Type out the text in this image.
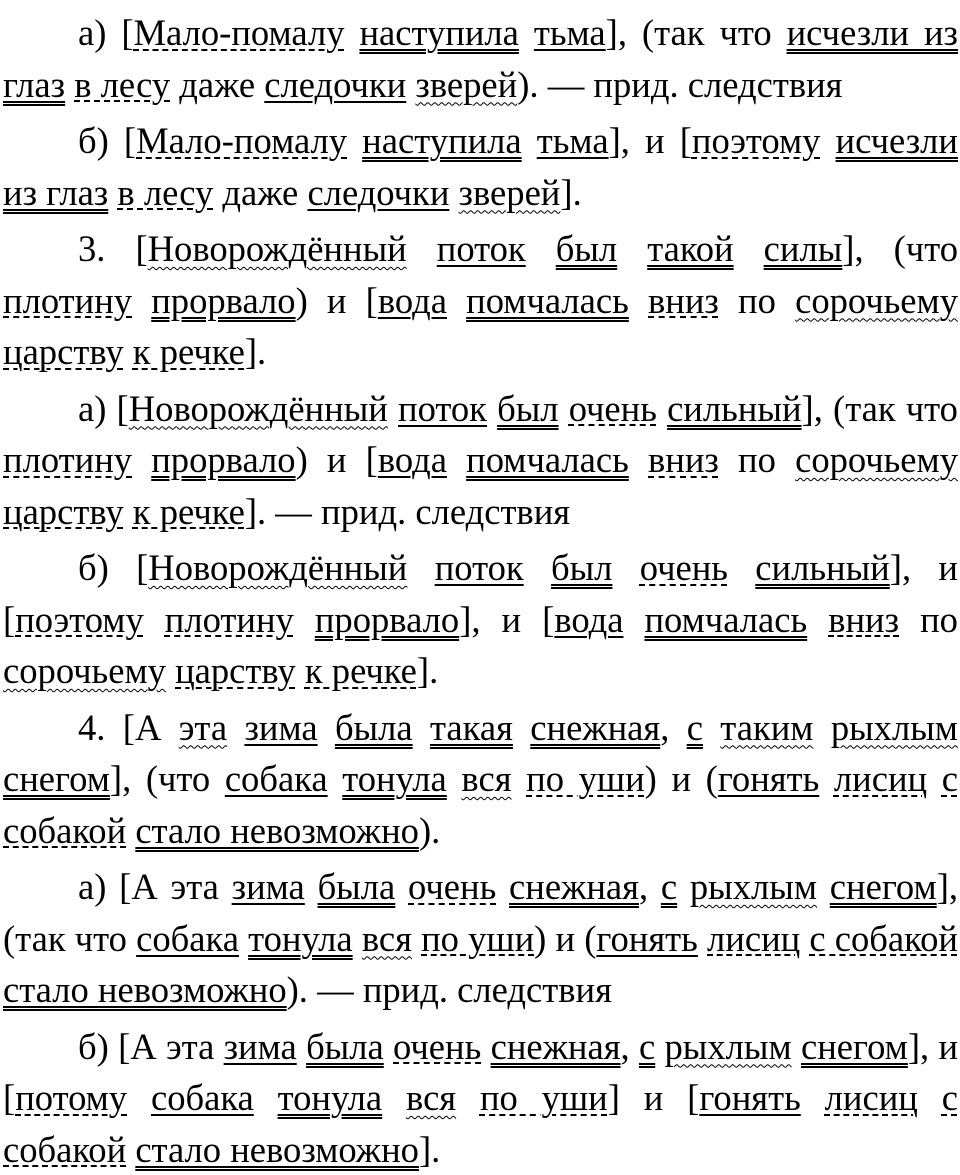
а) [Мало-помалу наступила тьма], (так что исчезли из глаз в лесу даже следочки зверей). — прид. следствия

б) [Мало-помалу наступила тьма], и [поэтому исчезли из глаз в лесу даже следочки зверей].

3. [Новорождённый поток был такой силы], (что плотину прорвало) и [вода помчалась вниз по сорочьему царству к речке].

а) [Новорождённый поток был очень сильный], (так что плотину прорвало) и [вода помчалась вниз по сорочьему царству к речке]. — прид. следствия

б) [Новорождённый поток был очень сильный], и [поэтому плотину прорвало], и [вода помчалась вниз по сорочьему царству к речке].

4. [А эта зима была такая снежная, с таким рыхлым снегом], (что собака тонула вся по уши) и (гонять лисиц с собакой стало невозможно).

а) [А эта зима была очень снежная, с рыхлым снегом], (так что собака тонула вся по уши) и (гонять лисиц с собакой стало невозможно). — прид. следствия

б) [А эта зима была очень снежная, с рыхлым снегом], и [потому собака тонула вся по уши] и [гонять лисиц с собакой стало невозможно].
